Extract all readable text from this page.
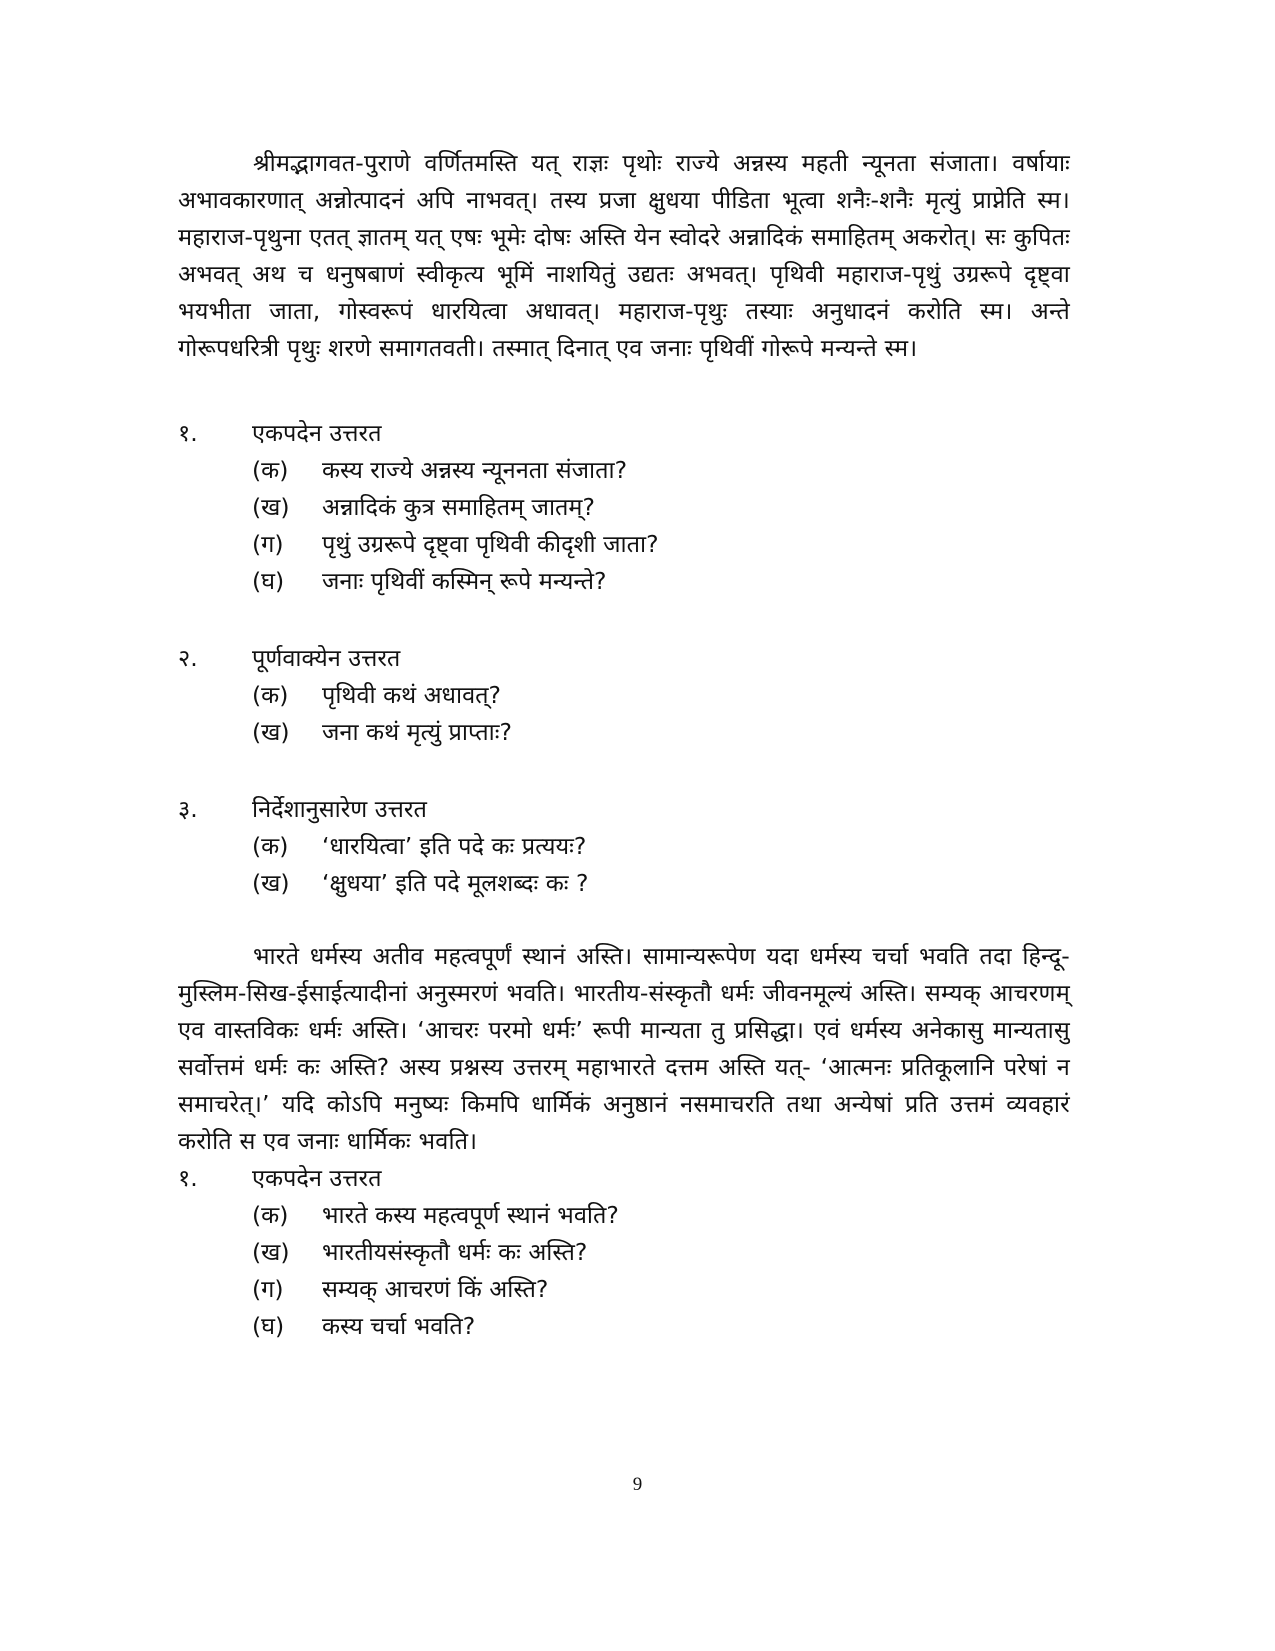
श्रीमद्भागवत-पुराणे वर्णितमस्ति यत् राज्ञः पृथोः राज्ये अन्नस्य महती न्यूनता संजाता। वर्षायाः अभावकारणात् अन्नोत्पादनं अपि नाभवत्। तस्य प्रजा क्षुधया पीडिता भूत्वा शनैः-शनैः मृत्युं प्राप्नेति स्म। महाराज-पृथुना एतत् ज्ञातम् यत् एषः भूमेः दोषः अस्ति येन स्वोदरे अन्नादिकं समाहितम् अकरोत्। सः कुपितः अभवत् अथ च धनुषबाणं स्वीकृत्य भूमिं नाशयितुं उद्यतः अभवत्। पृथिवी महाराज-पृथुं उग्ररूपे दृष्ट्वा भयभीता जाता, गोस्वरूपं धारयित्वा अधावत्। महाराज-पृथुः तस्याः अनुधादनं करोति स्म। अन्ते गोरूपधरित्री पृथुः शरणे समागतवती। तस्मात् दिनात् एव जनाः पृथिवीं गोरूपे मन्यन्ते स्म।

१.	एकपदेन उत्तरत
(क)	कस्य राज्ये अन्नस्य न्यूननता संजाता?
(ख)	अन्नादिकं कुत्र समाहितम् जातम्?
(ग)	पृथुं उग्ररूपे दृष्ट्वा पृथिवी कीदृशी जाता?
(घ)	जनाः पृथिवीं कस्मिन् रूपे मन्यन्ते?
२.	पूर्णवाक्येन उत्तरत
(क)	पृथिवी कथं अधावत्?
(ख)	जना कथं मृत्युं प्राप्ताः?
३.	निर्देशानुसारेण उत्तरत
(क)	‘धारयित्वा’ इति पदे कः प्रत्ययः?
(ख)	‘क्षुधया’ इति पदे मूलशब्दः कः ?

भारते धर्मस्य अतीव महत्वपूर्णं स्थानं अस्ति। सामान्यरूपेण यदा धर्मस्य चर्चा भवति तदा हिन्दू-मुस्लिम-सिख-ईसाईत्यादीनां अनुस्मरणं भवति। भारतीय-संस्कृतौ धर्मः जीवनमूल्यं अस्ति। सम्यक् आचरणम् एव वास्तविकः धर्मः अस्ति। ‘आचरः परमो धर्मः’ रूपी मान्यता तु प्रसिद्धा। एवं धर्मस्य अनेकासु मान्यतासु सर्वोत्तमं धर्मः कः अस्ति? अस्य प्रश्नस्य उत्तरम् महाभारते दत्तम अस्ति यत्- ‘आत्मनः प्रतिकूलानि परेषां न समाचरेत्।’ यदि कोऽपि मनुष्यः किमपि धार्मिकं अनुष्ठानं नसमाचरति तथा अन्येषां प्रति उत्तमं व्यवहारं करोति स एव जनाः धार्मिकः भवति।

१.	एकपदेन उत्तरत
(क)	भारते कस्य महत्वपूर्ण स्थानं भवति?
(ख)	भारतीयसंस्कृतौ धर्मः कः अस्ति?
(ग)	सम्यक् आचरणं किं अस्ति?
(घ)	कस्य चर्चा भवति?
9
